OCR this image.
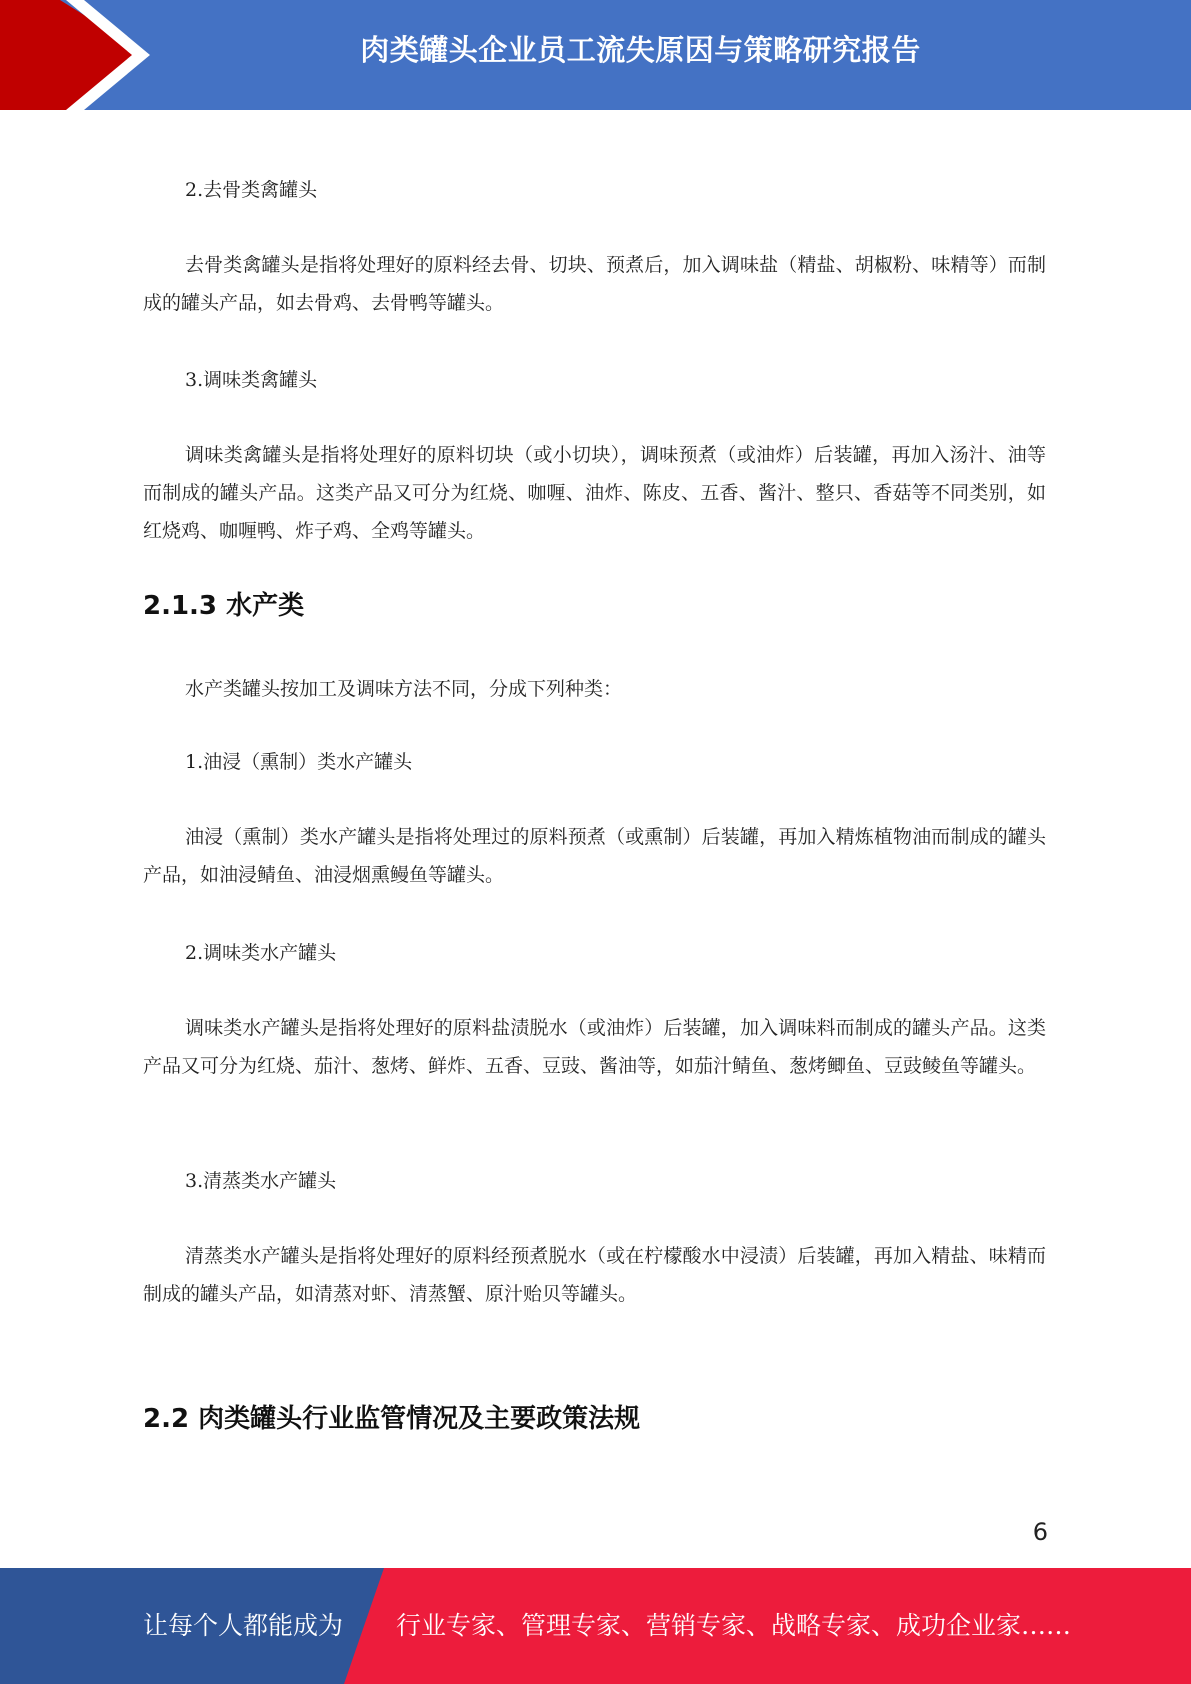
肉类罐头企业员工流失原因与策略研究报告
2.去骨类禽罐头
去骨类禽罐头是指将处理好的原料经去骨、切块、预煮后，加入调味盐（精盐、胡椒粉、味精等）而制成的罐头产品，如去骨鸡、去骨鸭等罐头。
3.调味类禽罐头
调味类禽罐头是指将处理好的原料切块（或小切块），调味预煮（或油炸）后装罐，再加入汤汁、油等而制成的罐头产品。这类产品又可分为红烧、咖喱、油炸、陈皮、五香、酱汁、整只、香菇等不同类别，如红烧鸡、咖喱鸭、炸子鸡、全鸡等罐头。
2.1.3 水产类
水产类罐头按加工及调味方法不同，分成下列种类：
1.油浸（熏制）类水产罐头
油浸（熏制）类水产罐头是指将处理过的原料预煮（或熏制）后装罐，再加入精炼植物油而制成的罐头产品，如油浸鲭鱼、油浸烟熏鳗鱼等罐头。
2.调味类水产罐头
调味类水产罐头是指将处理好的原料盐渍脱水（或油炸）后装罐，加入调味料而制成的罐头产品。这类产品又可分为红烧、茄汁、葱烤、鲜炸、五香、豆豉、酱油等，如茄汁鲭鱼、葱烤鲫鱼、豆豉鲮鱼等罐头。
3.清蒸类水产罐头
清蒸类水产罐头是指将处理好的原料经预煮脱水（或在柠檬酸水中浸渍）后装罐，再加入精盐、味精而制成的罐头产品，如清蒸对虾、清蒸蟹、原汁贻贝等罐头。
2.2 肉类罐头行业监管情况及主要政策法规
6
让每个人都能成为 行业专家、管理专家、营销专家、战略专家、成功企业家……
